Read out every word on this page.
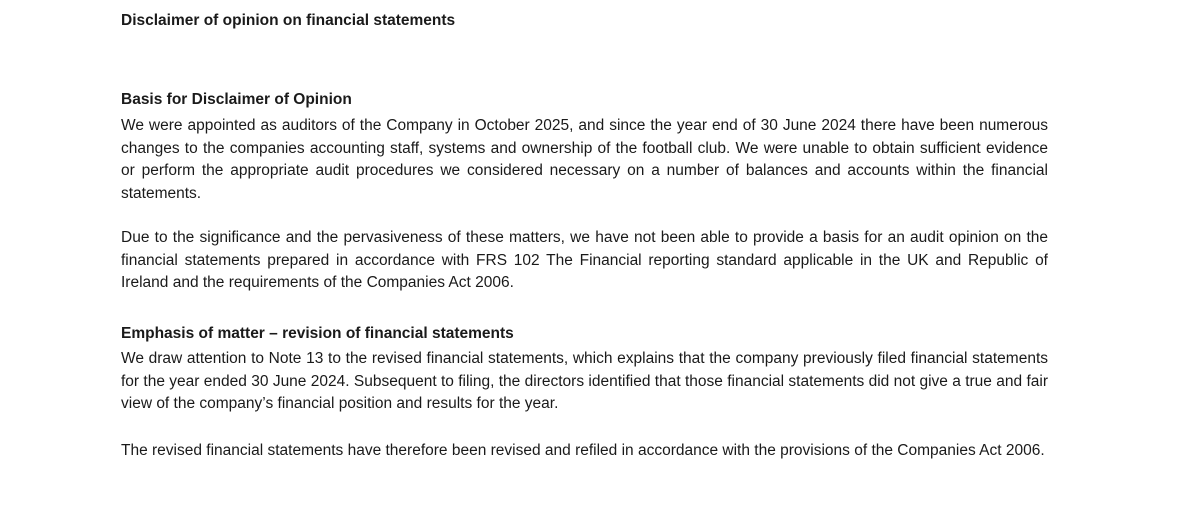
Disclaimer of opinion on financial statements
Basis for Disclaimer of Opinion
We were appointed as auditors of the Company in October 2025, and since the year end of 30 June 2024 there have been numerous changes to the companies accounting staff, systems and ownership of the football club. We were unable to obtain sufficient evidence or perform the appropriate audit procedures we considered necessary on a number of balances and accounts within the financial statements.
Due to the significance and the pervasiveness of these matters, we have not been able to provide a basis for an audit opinion on the financial statements prepared in accordance with FRS 102 The Financial reporting standard applicable in the UK and Republic of Ireland and the requirements of the Companies Act 2006.
Emphasis of matter – revision of financial statements
We draw attention to Note 13 to the revised financial statements, which explains that the company previously filed financial statements for the year ended 30 June 2024. Subsequent to filing, the directors identified that those financial statements did not give a true and fair view of the company’s financial position and results for the year.
The revised financial statements have therefore been revised and refiled in accordance with the provisions of the Companies Act 2006.
